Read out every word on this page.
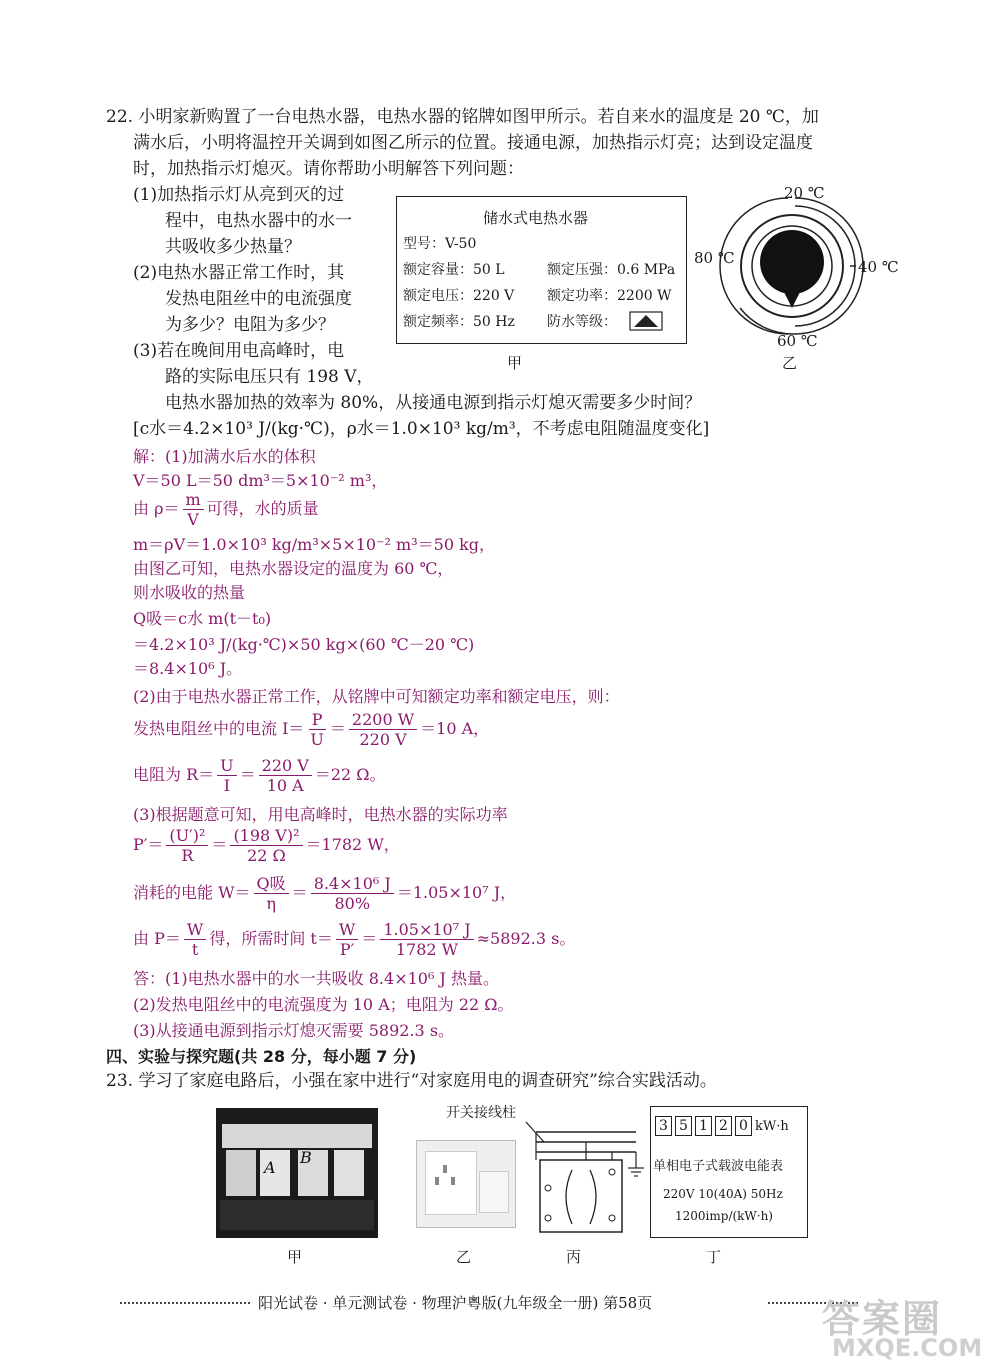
22. 小明家新购置了一台电热水器，电热水器的铭牌如图甲所示。若自来水的温度是 20 ℃，加
满水后，小明将温控开关调到如图乙所示的位置。接通电源，加热指示灯亮；达到设定温度
时，加热指示灯熄灭。请你帮助小明解答下列问题：
(1)加热指示灯从亮到灭的过
程中，电热水器中的水一
共吸收多少热量？
(2)电热水器正常工作时，其
发热电阻丝中的电流强度
为多少？电阻为多少？
(3)若在晚间用电高峰时，电
路的实际电压只有 198 V，
电热水器加热的效率为 80%，从接通电源到指示灯熄灭需要多少时间？
[c水＝4.2×10³ J/(kg·℃)，ρ水＝1.0×10³ kg/m³，不考虑电阻随温度变化]
储水式电热水器
型号：V-50
额定容量：50 L	额定压强：0.6 MPa
额定电压：220 V 额定功率：2200 W
额定频率：50 Hz 防水等级：
甲
20 ℃
40 ℃
80 ℃
60 ℃
乙
解：(1)加满水后水的体积
V＝50 L＝50 dm³＝5×10⁻² m³，
由 $\rho= \frac{m}{V}$ 可得，水的质量
m＝ρV＝1.0×10³ kg/m³×5×10⁻² m³＝50 kg，
由图乙可知，电热水器设定的温度为 60 ℃，
则水吸收的热量
Q吸＝c水 m(t－t₀)
＝4.2×10³ J/(kg·℃)×50 kg×(60 ℃－20 ℃)
＝8.4×10⁶ J。
(2)由于电热水器正常工作，从铭牌中可知额定功率和额定电压，则：
发热电阻丝中的电流 $I= \frac{P}{U} = \frac{2200 W}{220 V} =10$ A，
电阻为 $R= \frac{U}{I} = \frac{220 V}{10 A} =22$ Ω。
(3)根据题意可知，用电高峰时，电热水器的实际功率
$P'= \frac{\text{(U′)²}}{R} = \frac{\text{(198 V)²}}{22 \Omega} =1782$ W，
消耗的电能 $W= \frac{\text{Q吸}}{\eta} = \frac{\text{8.4×10⁶ J}}{80\%} =1.05\times 10^7$ J，
由 $P= \frac{W}{t}$ 得，所需时间 $t= \frac{W}{P'} = \frac{\text{1.05×10⁷ J}}{1782 W} \approx 5892.3$ s。
答：(1)电热水器中的水一共吸收 8.4×10⁶ J 热量。
(2)发热电阻丝中的电流强度为 10 A；电阻为 22 Ω。
(3)从接通电源到指示灯熄灭需要 5892.3 s。
四、实验与探究题(共 28 分，每小题 7 分)
23. 学习了家庭电路后，小强在家中进行“对家庭用电的调查研究”综合实践活动。
A
B
甲	乙
开关接线柱
丙
3 5 1 2 0 kW·h
单相电子式载波电能表
220V 10(40A) 50Hz
1200imp/(kW·h)
丁
阳光试卷 · 单元测试卷 · 物理沪粤版(九年级全一册) 第58页	答案圈
MXQE.COM
